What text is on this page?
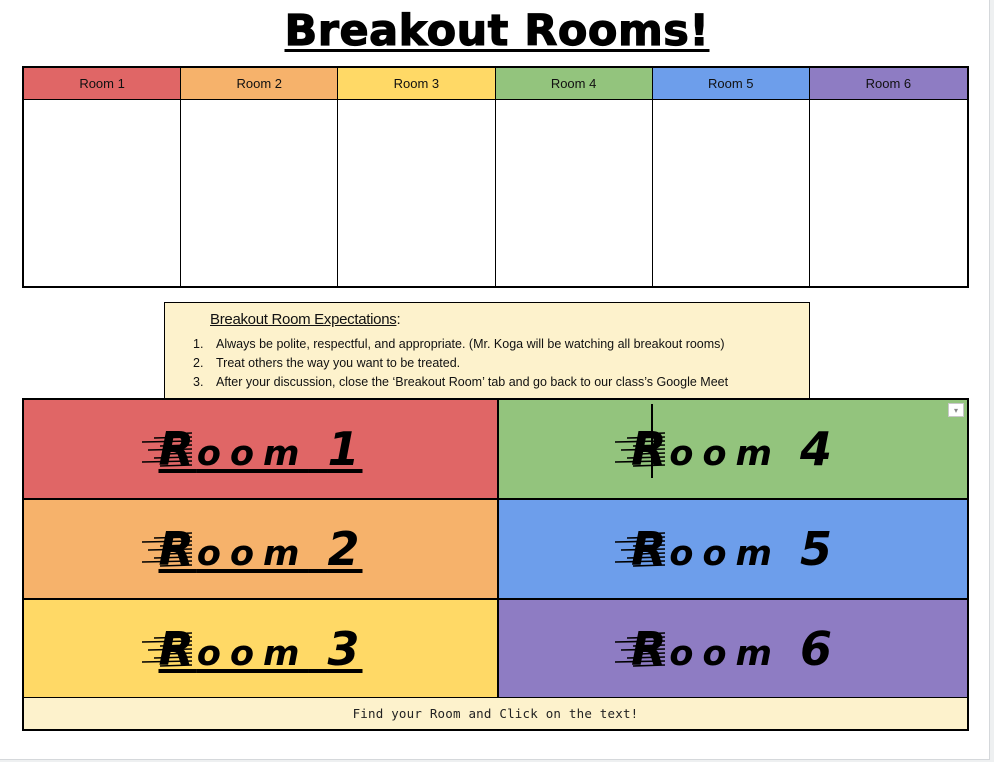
Breakout Rooms!
Room 1	Room 2	Room 3	Room 4	Room 5	Room 6
Breakout Room Expectations:
1.	Always be polite, respectful, and appropriate. (Mr. Koga will be watching all breakout rooms)
2.	Treat others the way you want to be treated.
3.	After your discussion, close the ‘Breakout Room’ tab and go back to our class’s Google Meet
Room 1	Room 4
Room 2	Room 5
Room 3	Room 6
▾
Find your Room and Click on the text!
